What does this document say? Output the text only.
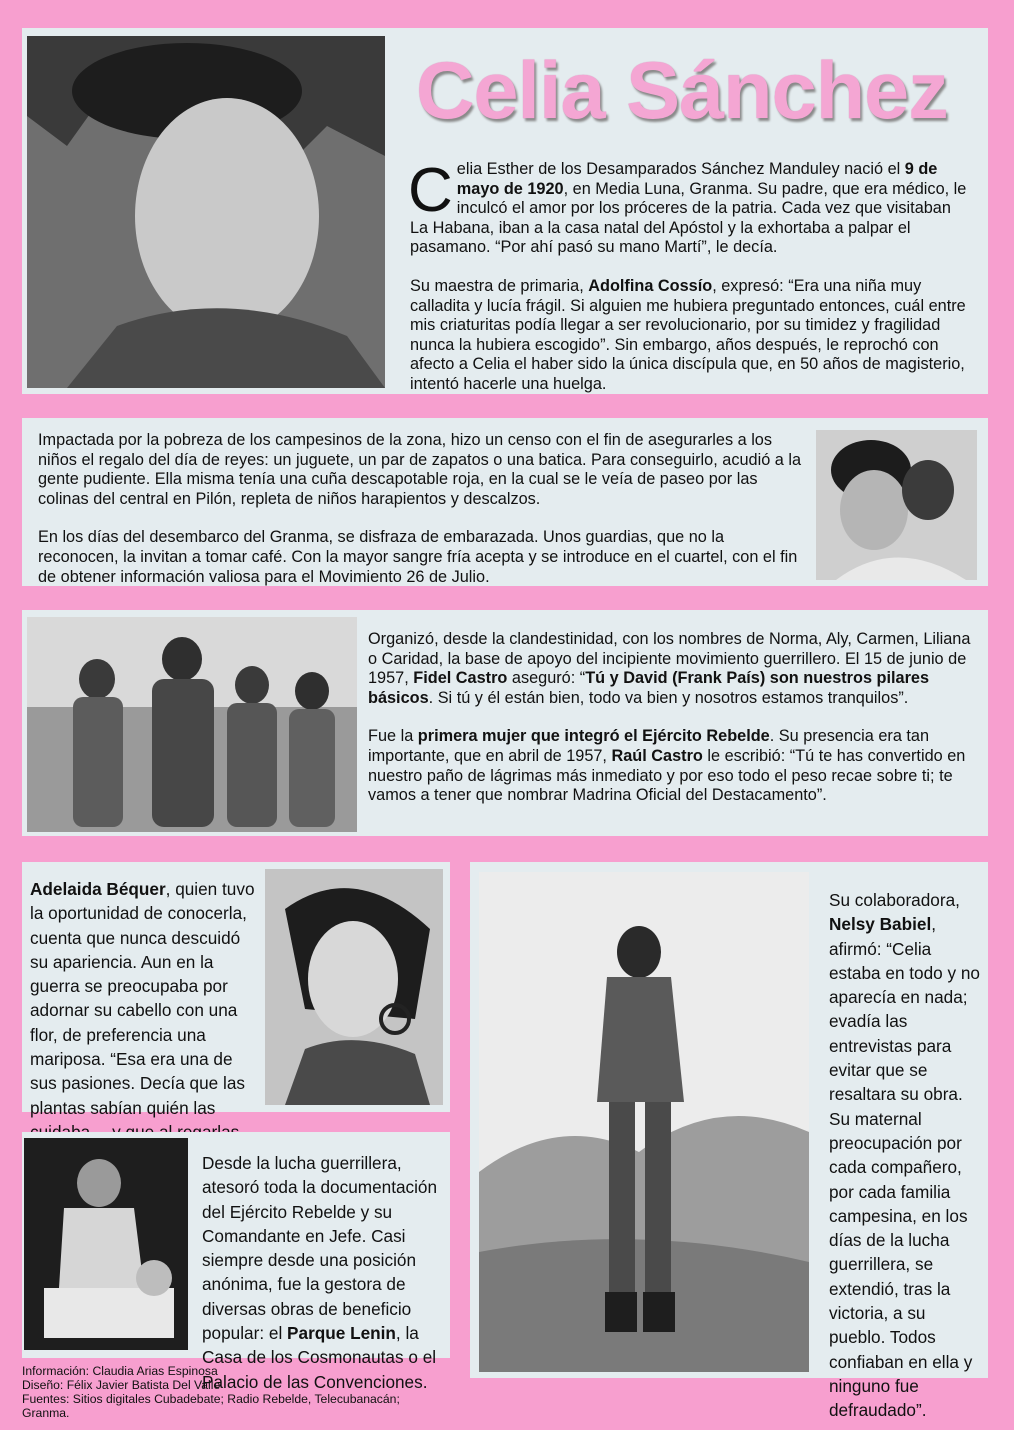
Celia Sánchez

Celia Esther de los Desamparados Sánchez Manduley nació el 9 de mayo de 1920, en Media Luna, Granma. Su padre, que era médico, le inculcó el amor por los próceres de la patria. Cada vez que visitaban La Habana, iban a la casa natal del Apóstol y la exhortaba a palpar el pasamano. “Por ahí pasó su mano Martí”, le decía.

Su maestra de primaria, Adolfina Cossío, expresó: “Era una niña muy calladita y lucía frágil. Si alguien me hubiera preguntado entonces, cuál entre mis criaturitas podía llegar a ser revolucionario, por su timidez y fragilidad nunca la hubiera escogido”. Sin embargo, años después, le reprochó con afecto a Celia el haber sido la única discípula que, en 50 años de magisterio, intentó hacerle una huelga.

Impactada por la pobreza de los campesinos de la zona, hizo un censo con el fin de asegurarles a los niños el regalo del día de reyes: un juguete, un par de zapatos o una batica. Para conseguirlo, acudió a la gente pudiente. Ella misma tenía una cuña descapotable roja, en la cual se le veía de paseo por las colinas del central en Pilón, repleta de niños harapientos y descalzos.

En los días del desembarco del Granma, se disfraza de embarazada. Unos guardias, que no la reconocen, la invitan a tomar café. Con la mayor sangre fría acepta y se introduce en el cuartel, con el fin de obtener información valiosa para el Movimiento 26 de Julio.

Organizó, desde la clandestinidad, con los nombres de Norma, Aly, Carmen, Liliana o Caridad, la base de apoyo del incipiente movimiento guerrillero. El 15 de junio de 1957, Fidel Castro aseguró: “Tú y David (Frank País) son nuestros pilares básicos. Si tú y él están bien, todo va bien y nosotros estamos tranquilos”.

Fue la primera mujer que integró el Ejército Rebelde. Su presencia era tan importante, que en abril de 1957, Raúl Castro le escribió: “Tú te has convertido en nuestro paño de lágrimas más inmediato y por eso todo el peso recae sobre ti; te vamos a tener que nombrar Madrina Oficial del Destacamento”.

Adelaida Béquer, quien tuvo la oportunidad de conocerla, cuenta que nunca descuidó su apariencia. Aun en la guerra se preocupaba por adornar su cabello con una flor, de preferencia una mariposa. “Esa era una de sus pasiones. Decía que las plantas sabían quién las
Desde la lucha guerrillera, atesoró toda la documentación del Ejército Rebelde y su Comandante en Jefe. Casi siempre desde una posición anónima, fue la gestora de diversas obras de beneficio popular: el Parque Lenin, la Casa de los Cosmonautas o el Palacio de las Convenciones.
Su colaboradora, Nelsy Babiel, afirmó: “Celia estaba en todo y no aparecía en nada; evadía las entrevistas para evitar que se resaltara su obra. Su maternal preocupación por cada compañero, por cada familia campesina, en los días de la lucha guerrillera, se extendió, tras la victoria, a su pueblo. Todos confiaban en ella y ninguno fue defraudado”.
Información: Claudia Arias Espinosa
Diseño: Félix Javier Batista Del Valle
Fuentes: Sitios digitales Cubadebate; Radio Rebelde, Telecubanacán; Granma.
